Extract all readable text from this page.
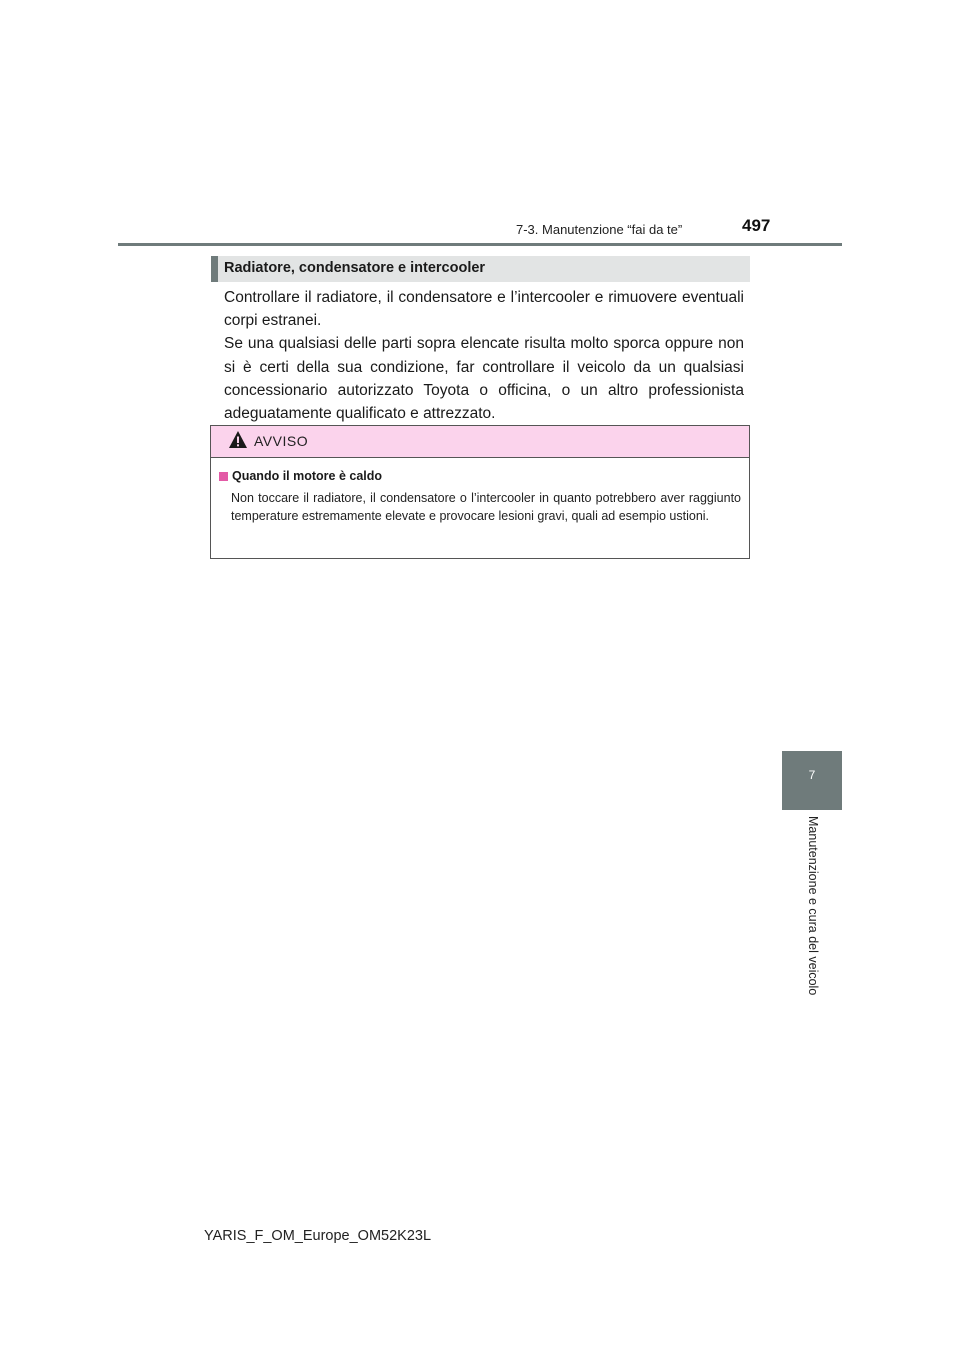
7-3. Manutenzione “fai da te”	497
7
Manutenzione e cura del veicolo
Radiatore, condensatore e intercooler

Controllare il radiatore, il condensatore e l’intercooler e rimuovere eventuali corpi estranei.

Se una qualsiasi delle parti sopra elencate risulta molto sporca oppure non si è certi della sua condizione, far controllare il veicolo da un qualsiasi concessionario autorizzato Toyota o officina, o un altro professionista adeguatamente qualificato e attrezzato.

AVVISO
Quando il motore è caldo
Non toccare il radiatore, il condensatore o l’intercooler in quanto potrebbero aver raggiunto temperature estremamente elevate e provocare lesioni gravi, quali ad esempio ustioni.
YARIS_F_OM_Europe_OM52K23L
